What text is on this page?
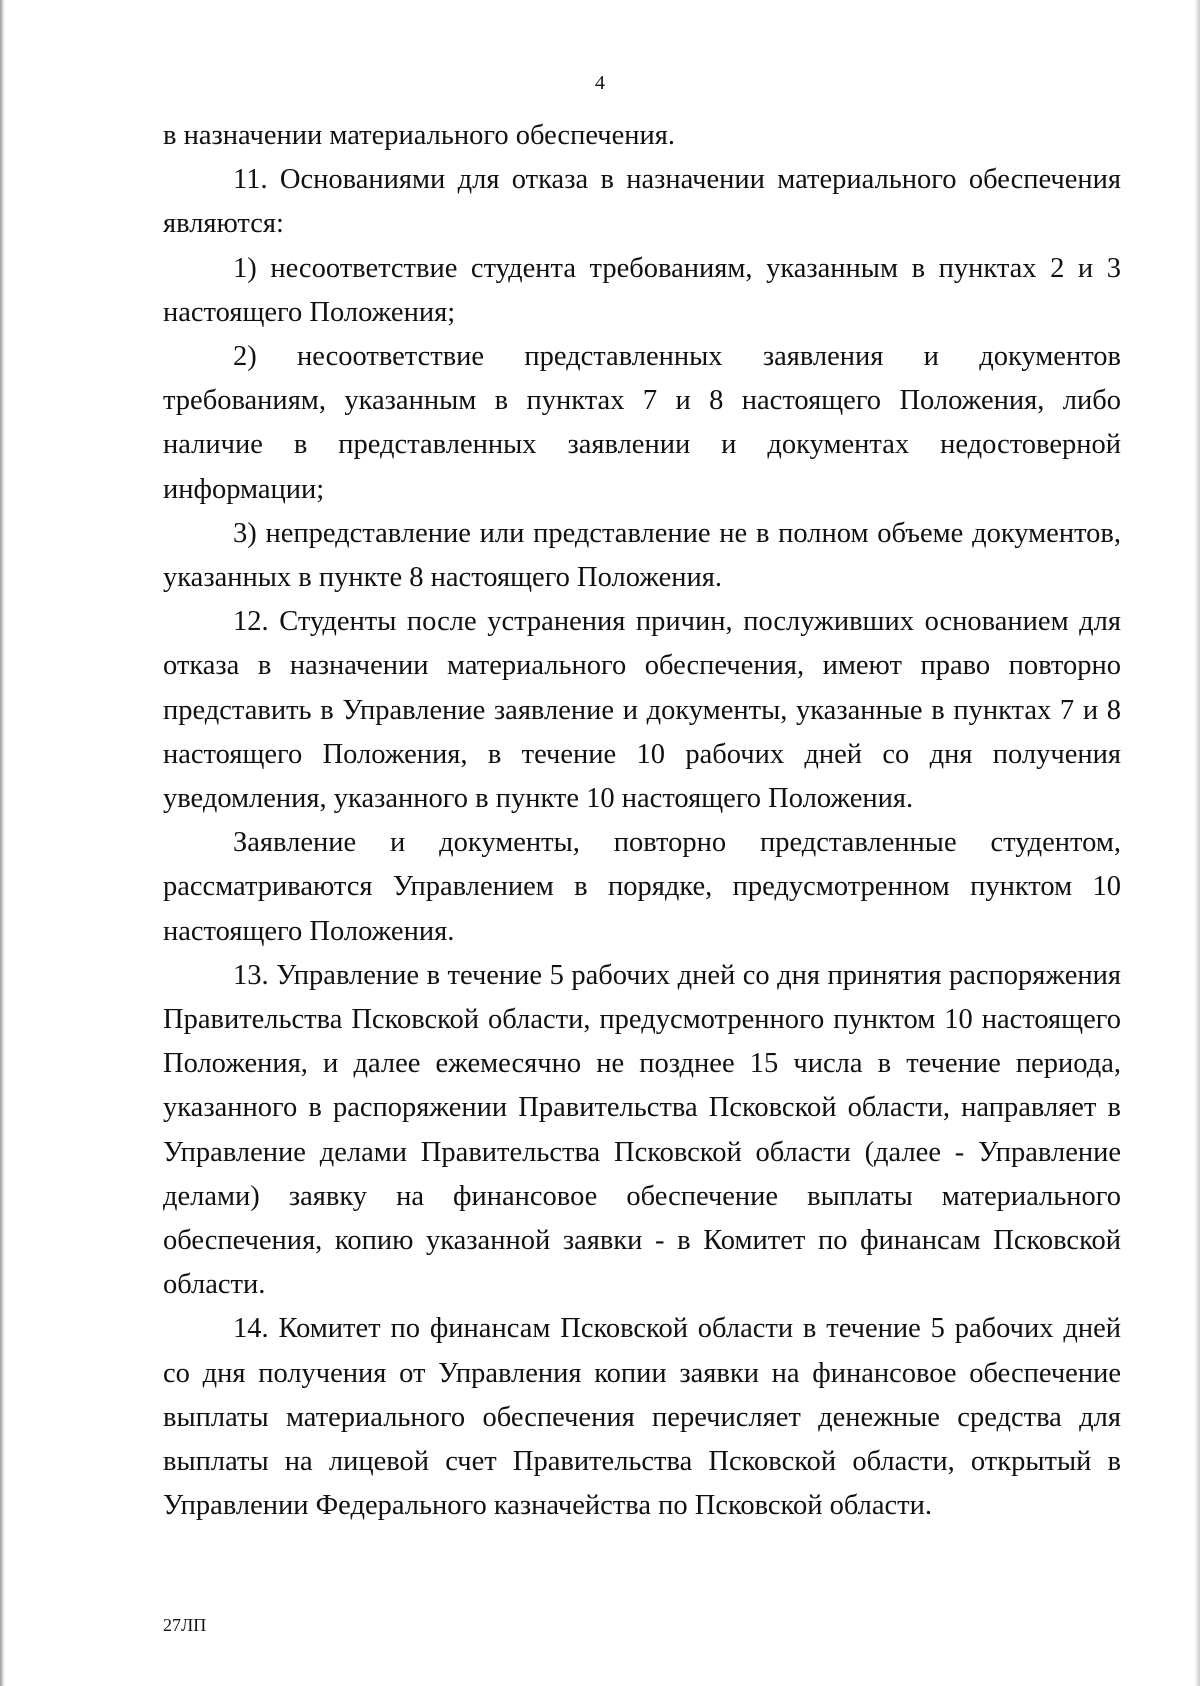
4

в назначении материального обеспечения.

11. Основаниями для отказа в назначении материального обеспечения являются:

1) несоответствие студента требованиям, указанным в пунктах 2 и 3 настоящего Положения;

2) несоответствие представленных заявления и документов требованиям, указанным в пунктах 7 и 8 настоящего Положения, либо наличие в представленных заявлении и документах недостоверной информации;

3) непредставление или представление не в полном объеме документов, указанных в пункте 8 настоящего Положения.

12. Студенты после устранения причин, послуживших основанием для отказа в назначении материального обеспечения, имеют право повторно представить в Управление заявление и документы, указанные в пунктах 7 и 8 настоящего Положения, в течение 10 рабочих дней со дня получения уведомления, указанного в пункте 10 настоящего Положения.

Заявление и документы, повторно представленные студентом, рассматриваются Управлением в порядке, предусмотренном пунктом 10 настоящего Положения.

13. Управление в течение 5 рабочих дней со дня принятия распоряжения Правительства Псковской области, предусмотренного пунктом 10 настоящего Положения, и далее ежемесячно не позднее 15 числа в течение периода, указанного в распоряжении Правительства Псковской области, направляет в Управление делами Правительства Псковской области (далее - Управление делами) заявку на финансовое обеспечение выплаты материального обеспечения, копию указанной заявки - в Комитет по финансам Псковской области.

14. Комитет по финансам Псковской области в течение 5 рабочих дней со дня получения от Управления копии заявки на финансовое обеспечение выплаты материального обеспечения перечисляет денежные средства для выплаты на лицевой счет Правительства Псковской области, открытый в Управлении Федерального казначейства по Псковской области.

27ЛП
